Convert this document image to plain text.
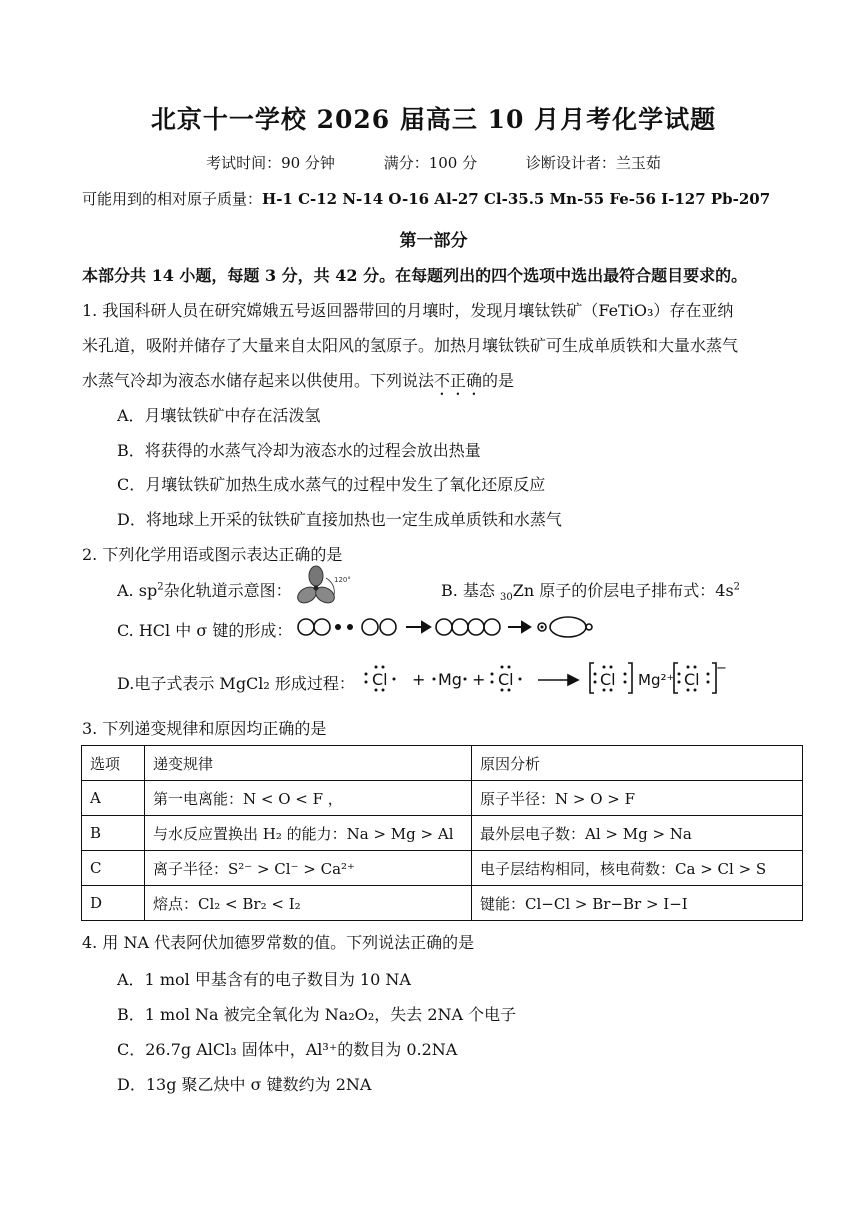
北京十一学校 2026 届高三 10 月月考化学试题
考试时间：90 分钟	满分：100 分	诊断设计者：兰玉茹
可能用到的相对原子质量：H-1 C-12 N-14 O-16 Al-27 Cl-35.5 Mn-55 Fe-56 I-127 Pb-207
第一部分
本部分共 14 小题，每题 3 分，共 42 分。在每题列出的四个选项中选出最符合题目要求的。
1. 我国科研人员在研究嫦娥五号返回器带回的月壤时，发现月壤钛铁矿（FeTiO₃）存在亚纳
米孔道，吸附并储存了大量来自太阳风的氢原子。加热月壤钛铁矿可生成单质铁和大量水蒸气
水蒸气冷却为液态水储存起来以供使用。下列说法不正确的是
A．月壤钛铁矿中存在活泼氢
B．将获得的水蒸气冷却为液态水的过程会放出热量
C．月壤钛铁矿加热生成水蒸气的过程中发生了氧化还原反应
D．将地球上开采的钛铁矿直接加热也一定生成单质铁和水蒸气
2. 下列化学用语或图示表达正确的是
A. $sp^2$杂化轨道示意图：
120°
B. 基态 $_{30}$Zn 原子的价层电子排布式：$4s^2$
C. HCl 中 σ 键的形成：
D.电子式表示 MgCl₂ 形成过程： Cl + Mg + Cl	Cl Mg²⁺ Cl
−
3. 下列递变规律和原因均正确的是
选项	递变规律	原因分析
A	第一电离能：N < O < F ，	原子半径：N > O > F
B	与水反应置换出 H₂ 的能力：Na > Mg > Al	最外层电子数：Al > Mg > Na
C	离子半径：S²⁻ > Cl⁻ > Ca²⁺	电子层结构相同，核电荷数：Ca > Cl > S
D	熔点：Cl₂ < Br₂ < I₂	键能：Cl−Cl > Br−Br > I−I
4. 用 NA 代表阿伏加德罗常数的值。下列说法正确的是
A．1 mol 甲基含有的电子数目为 10 NA
B．1 mol Na 被完全氧化为 Na₂O₂，失去 2NA 个电子
C．26.7g AlCl₃ 固体中，Al³⁺的数目为 0.2NA
D．13g 聚乙炔中 σ 键数约为 2NA
